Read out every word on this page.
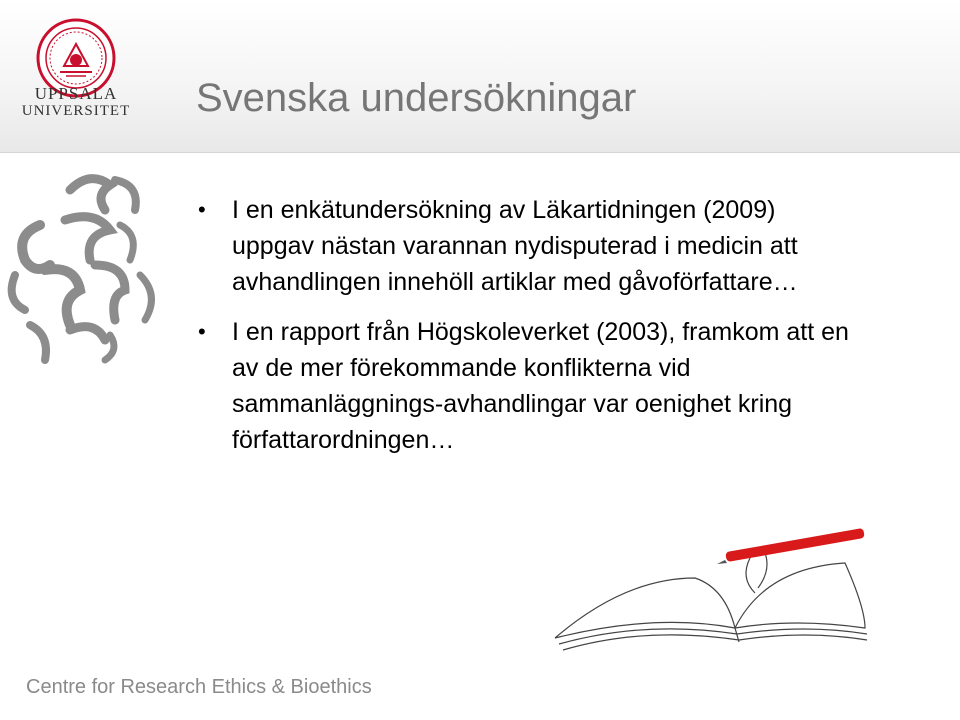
UPPSALA
UNIVERSITET Svenska undersökningar
• I en enkätundersökning av Läkartidningen (2009) uppgav nästan varannan nydisputerad i medicin att avhandlingen innehöll artiklar med gåvoförfattare…
• I en rapport från Högskoleverket (2003), framkom att en av de mer förekommande konflikterna vid sammanläggnings-avhandlingar var oenighet kring författarordningen…
Centre for Research Ethics & Bioethics
